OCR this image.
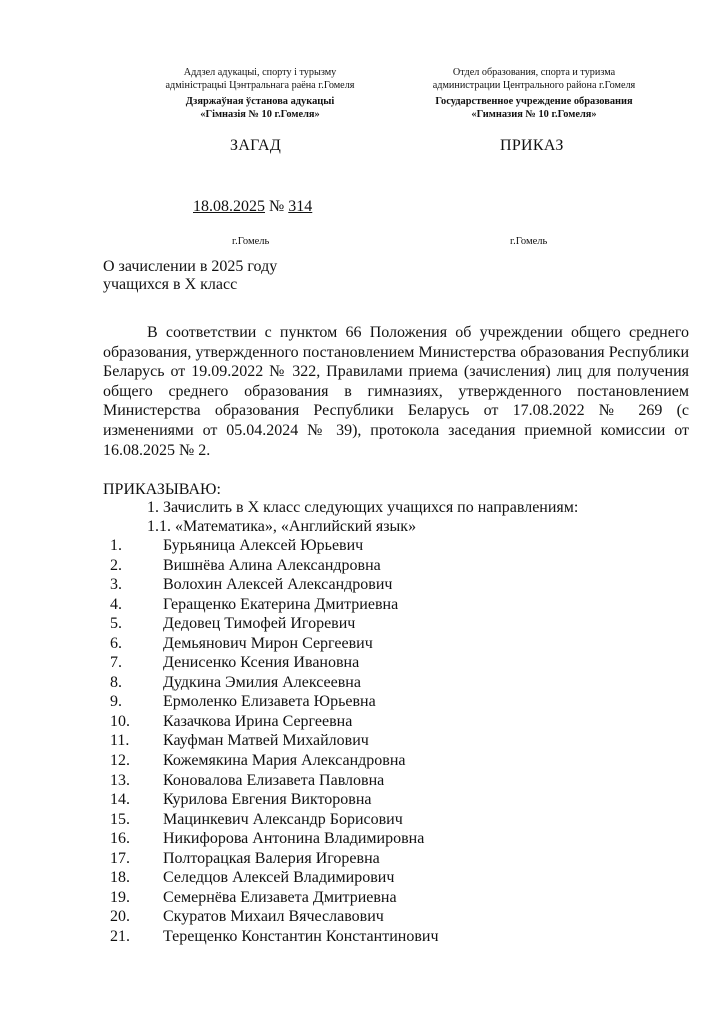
Аддзел адукацыі, спорту і турызму
адміністрацыі Цэнтральнага раёна г.Гомеля
Дзяржаўная ўстанова адукацыі
«Гімназія № 10 г.Гомеля»
Отдел образования, спорта и туризма
администрации Центрального района г.Гомеля
Государственное учреждение образования
«Гимназия № 10 г.Гомеля»
ЗАГАД	ПРИКАЗ
18.08.2025 № 314
г.Гомель	г.Гомель
О зачислении в 2025 году
учащихся в X класс

В соответствии с пунктом 66 Положения об учреждении общего среднего образования, утвержденного постановлением Министерства образования Республики Беларусь от 19.09.2022 № 322, Правилами приема (зачисления) лиц для получения общего среднего образования в гимназиях, утвержденного постановлением Министерства образования Республики Беларусь от 17.08.2022 № 269 (с изменениями от 05.04.2024 № 39), протокола заседания приемной комиссии от 16.08.2025 № 2.

ПРИКАЗЫВАЮ:
1. Зачислить в X класс следующих учащихся по направлениям:
1.1. «Математика», «Английский язык»
1.	Бурьяница Алексей Юрьевич
2.	Вишнёва Алина Александровна
3.	Волохин Алексей Александрович
4.	Геращенко Екатерина Дмитриевна
5.	Дедовец Тимофей Игоревич
6.	Демьянович Мирон Сергеевич
7.	Денисенко Ксения Ивановна
8.	Дудкина Эмилия Алексеевна
9.	Ермоленко Елизавета Юрьевна
10. Казачкова Ирина Сергеевна
11. Кауфман Матвей Михайлович
12. Кожемякина Мария Александровна
13. Коновалова Елизавета Павловна
14. Курилова Евгения Викторовна
15. Мацинкевич Александр Борисович
16. Никифорова Антонина Владимировна
17. Полторацкая Валерия Игоревна
18. Селедцов Алексей Владимирович
19. Семернёва Елизавета Дмитриевна
20. Скуратов Михаил Вячеславович
21. Терещенко Константин Константинович
